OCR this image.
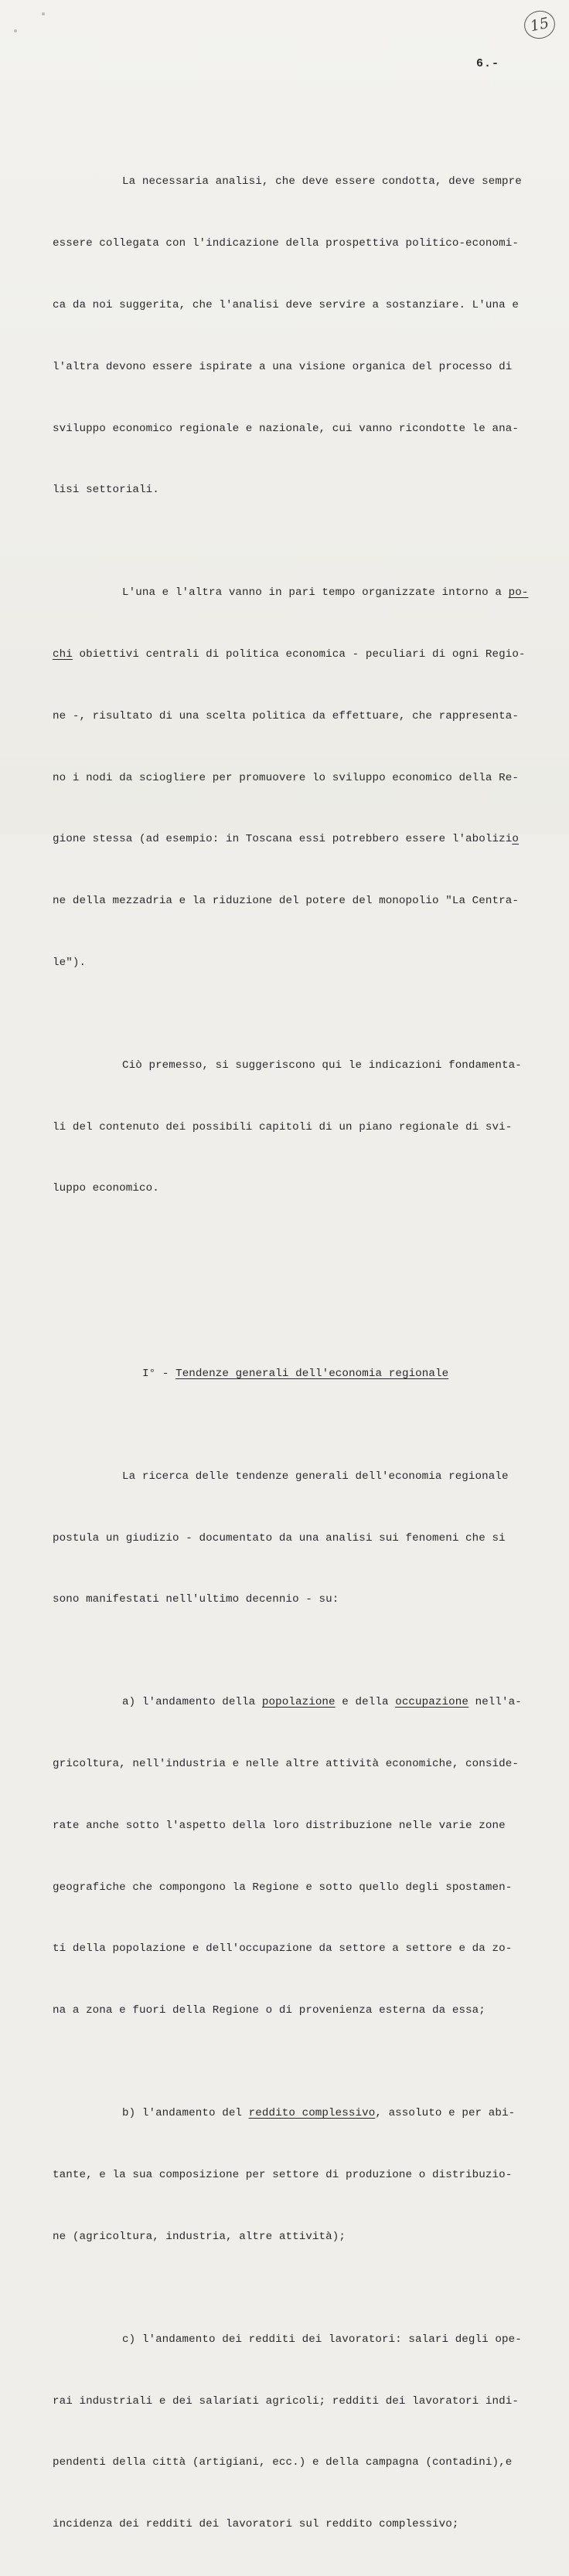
15
6.-

La necessaria analisi, che deve essere condotta, deve sempre

essere collegata con l'indicazione della prospettiva politico-economi-

ca da noi suggerita, che l'analisi deve servire a sostanziare. L'una e

l'altra devono essere ispirate a una visione organica del processo di

sviluppo economico regionale e nazionale, cui vanno ricondotte le ana-

lisi settoriali.

L'una e l'altra vanno in pari tempo organizzate intorno a po-

chi obiettivi centrali di politica economica - peculiari di ogni Regio-

ne -, risultato di una scelta politica da effettuare, che rappresenta-

no i nodi da sciogliere per promuovere lo sviluppo economico della Re-

gione stessa (ad esempio: in Toscana essi potrebbero essere l'abolizio

ne della mezzadria e la riduzione del potere del monopolio "La Centra-

le").

Ciò premesso, si suggeriscono qui le indicazioni fondamenta-

li del contenuto dei possibili capitoli di un piano regionale di svi-

luppo economico.

I° - Tendenze generali dell'economia regionale

La ricerca delle tendenze generali dell'economia regionale

postula un giudizio - documentato da una analisi sui fenomeni che si

sono manifestati nell'ultimo decennio - su:

a) l'andamento della popolazione e della occupazione nell'a-

gricoltura, nell'industria e nelle altre attività economiche, conside-

rate anche sotto l'aspetto della loro distribuzione nelle varie zone

geografiche che compongono la Regione e sotto quello degli spostamen-

ti della popolazione e dell'occupazione da settore a settore e da zo-

na a zona e fuori della Regione o di provenienza esterna da essa;

b) l'andamento del reddito complessivo, assoluto e per abi-

tante, e la sua composizione per settore di produzione o distribuzio-

ne (agricoltura, industria, altre attività);

c) l'andamento dei redditi dei lavoratori: salari degli ope-

rai industriali e dei salariati agricoli; redditi dei lavoratori indi-

pendenti della città (artigiani, ecc.) e della campagna (contadini),e

incidenza dei redditi dei lavoratori sul reddito complessivo;
